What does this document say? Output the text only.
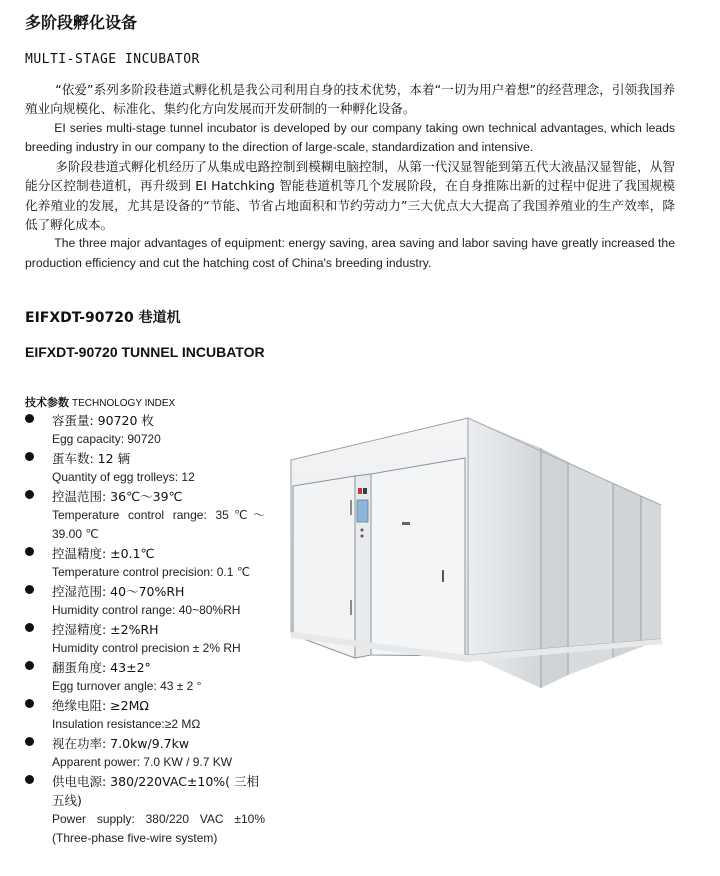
多阶段孵化设备
MULTI-STAGE INCUBATOR

“依爱”系列多阶段巷道式孵化机是我公司利用自身的技术优势，本着“一切为用户着想”的经营理念，引领我国养殖业向规模化、标准化、集约化方向发展而开发研制的一种孵化设备。

EI series multi-stage tunnel incubator is developed by our company taking own technical advantages, which leads breeding industry in our company to the direction of large-scale, standardization and intensive.

多阶段巷道式孵化机经历了从集成电路控制到模糊电脑控制，从第一代汉显智能到第五代大液晶汉显智能，从智能分区控制巷道机，再升级到 EI Hatchking 智能巷道机等几个发展阶段，在自身推陈出新的过程中促进了我国规模化养殖业的发展，尤其是设备的“节能、节省占地面积和节约劳动力”三大优点大大提高了我国养殖业的生产效率，降低了孵化成本。

The three major advantages of equipment: energy saving, area saving and labor saving have greatly increased the production efficiency and cut the hatching cost of China's breeding industry.

EIFXDT-90720 巷道机
EIFXDT-90720 TUNNEL INCUBATOR
技术参数 TECHNOLOGY INDEX
容蛋量: 90720 枚
Egg capacity: 90720
蛋车数: 12 辆
Quantity of egg trolleys: 12
控温范围: 36℃～39℃
Temperature control range: 35℃～39.00 ℃
控温精度: ±0.1℃
Temperature control precision: 0.1 ℃
控湿范围: 40～70%RH
Humidity control range: 40~80%RH
控湿精度: ±2%RH
Humidity control precision ± 2% RH
翻蛋角度: 43±2°
Egg turnover angle: 43 ± 2 °
绝缘电阻: ≥2MΩ
Insulation resistance:≥2 MΩ
视在功率: 7.0kw/9.7kw
Apparent power: 7.0 KW / 9.7 KW
供电电源: 380/220VAC±10%( 三相五线)
Power supply: 380/220 VAC ±10%(Three-phase five-wire system)
